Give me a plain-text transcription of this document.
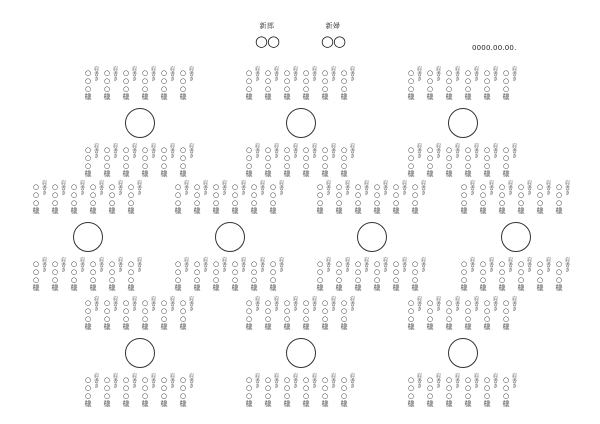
新郎
○○
新婦
○○	0000.00.00.
肩書き
○○○様	肩書き
○○○様	肩書き
○○○様	肩書き
○○○様	肩書き
○○○様	肩書き
○○○様
肩書き
○○○様	肩書き
○○○様	肩書き
○○○様	肩書き
○○○様	肩書き
○○○様	肩書き
○○○様
肩書き
○○○様	肩書き
○○○様	肩書き
○○○様	肩書き
○○○様	肩書き
○○○様	肩書き
○○○様
肩書き
○○○様	肩書き
○○○様	肩書き
○○○様	肩書き
○○○様	肩書き
○○○様	肩書き
○○○様
肩書き
○○○様	肩書き
○○○様	肩書き
○○○様	肩書き
○○○様	肩書き
○○○様	肩書き
○○○様
肩書き
○○○様	肩書き
○○○様	肩書き
○○○様	肩書き
○○○様	肩書き
○○○様	肩書き
○○○様
肩書き
○○○様	肩書き
○○○様	肩書き
○○○様	肩書き
○○○様	肩書き
○○○様	肩書き
○○○様
肩書き
○○○様	肩書き
○○○様	肩書き
○○○様	肩書き
○○○様	肩書き
○○○様	肩書き
○○○様
肩書き
○○○様	肩書き
○○○様	肩書き
○○○様	肩書き
○○○様	肩書き
○○○様	肩書き
○○○様
肩書き
○○○様	肩書き
○○○様	肩書き
○○○様	肩書き
○○○様	肩書き
○○○様	肩書き
○○○様
肩書き
○○○様	肩書き
○○○様	肩書き
○○○様	肩書き
○○○様	肩書き
○○○様	肩書き
○○○様
肩書き
○○○様	肩書き
○○○様	肩書き
○○○様	肩書き
○○○様	肩書き
○○○様	肩書き
○○○様
肩書き
○○○様	肩書き
○○○様	肩書き
○○○様	肩書き
○○○様	肩書き
○○○様	肩書き
○○○様
肩書き
○○○様	肩書き
○○○様	肩書き
○○○様	肩書き
○○○様	肩書き
○○○様	肩書き
○○○様
肩書き
○○○様	肩書き
○○○様	肩書き
○○○様	肩書き
○○○様	肩書き
○○○様	肩書き
○○○様
肩書き
○○○様	肩書き
○○○様	肩書き
○○○様	肩書き
○○○様	肩書き
○○○様	肩書き
○○○様
肩書き
○○○様	肩書き
○○○様	肩書き
○○○様	肩書き
○○○様	肩書き
○○○様	肩書き
○○○様
肩書き
○○○様	肩書き
○○○様	肩書き
○○○様	肩書き
○○○様	肩書き
○○○様	肩書き
○○○様
肩書き
○○○様	肩書き
○○○様	肩書き
○○○様	肩書き
○○○様	肩書き
○○○様	肩書き
○○○様
肩書き
○○○様	肩書き
○○○様	肩書き
○○○様	肩書き
○○○様	肩書き
○○○様	肩書き
○○○様
